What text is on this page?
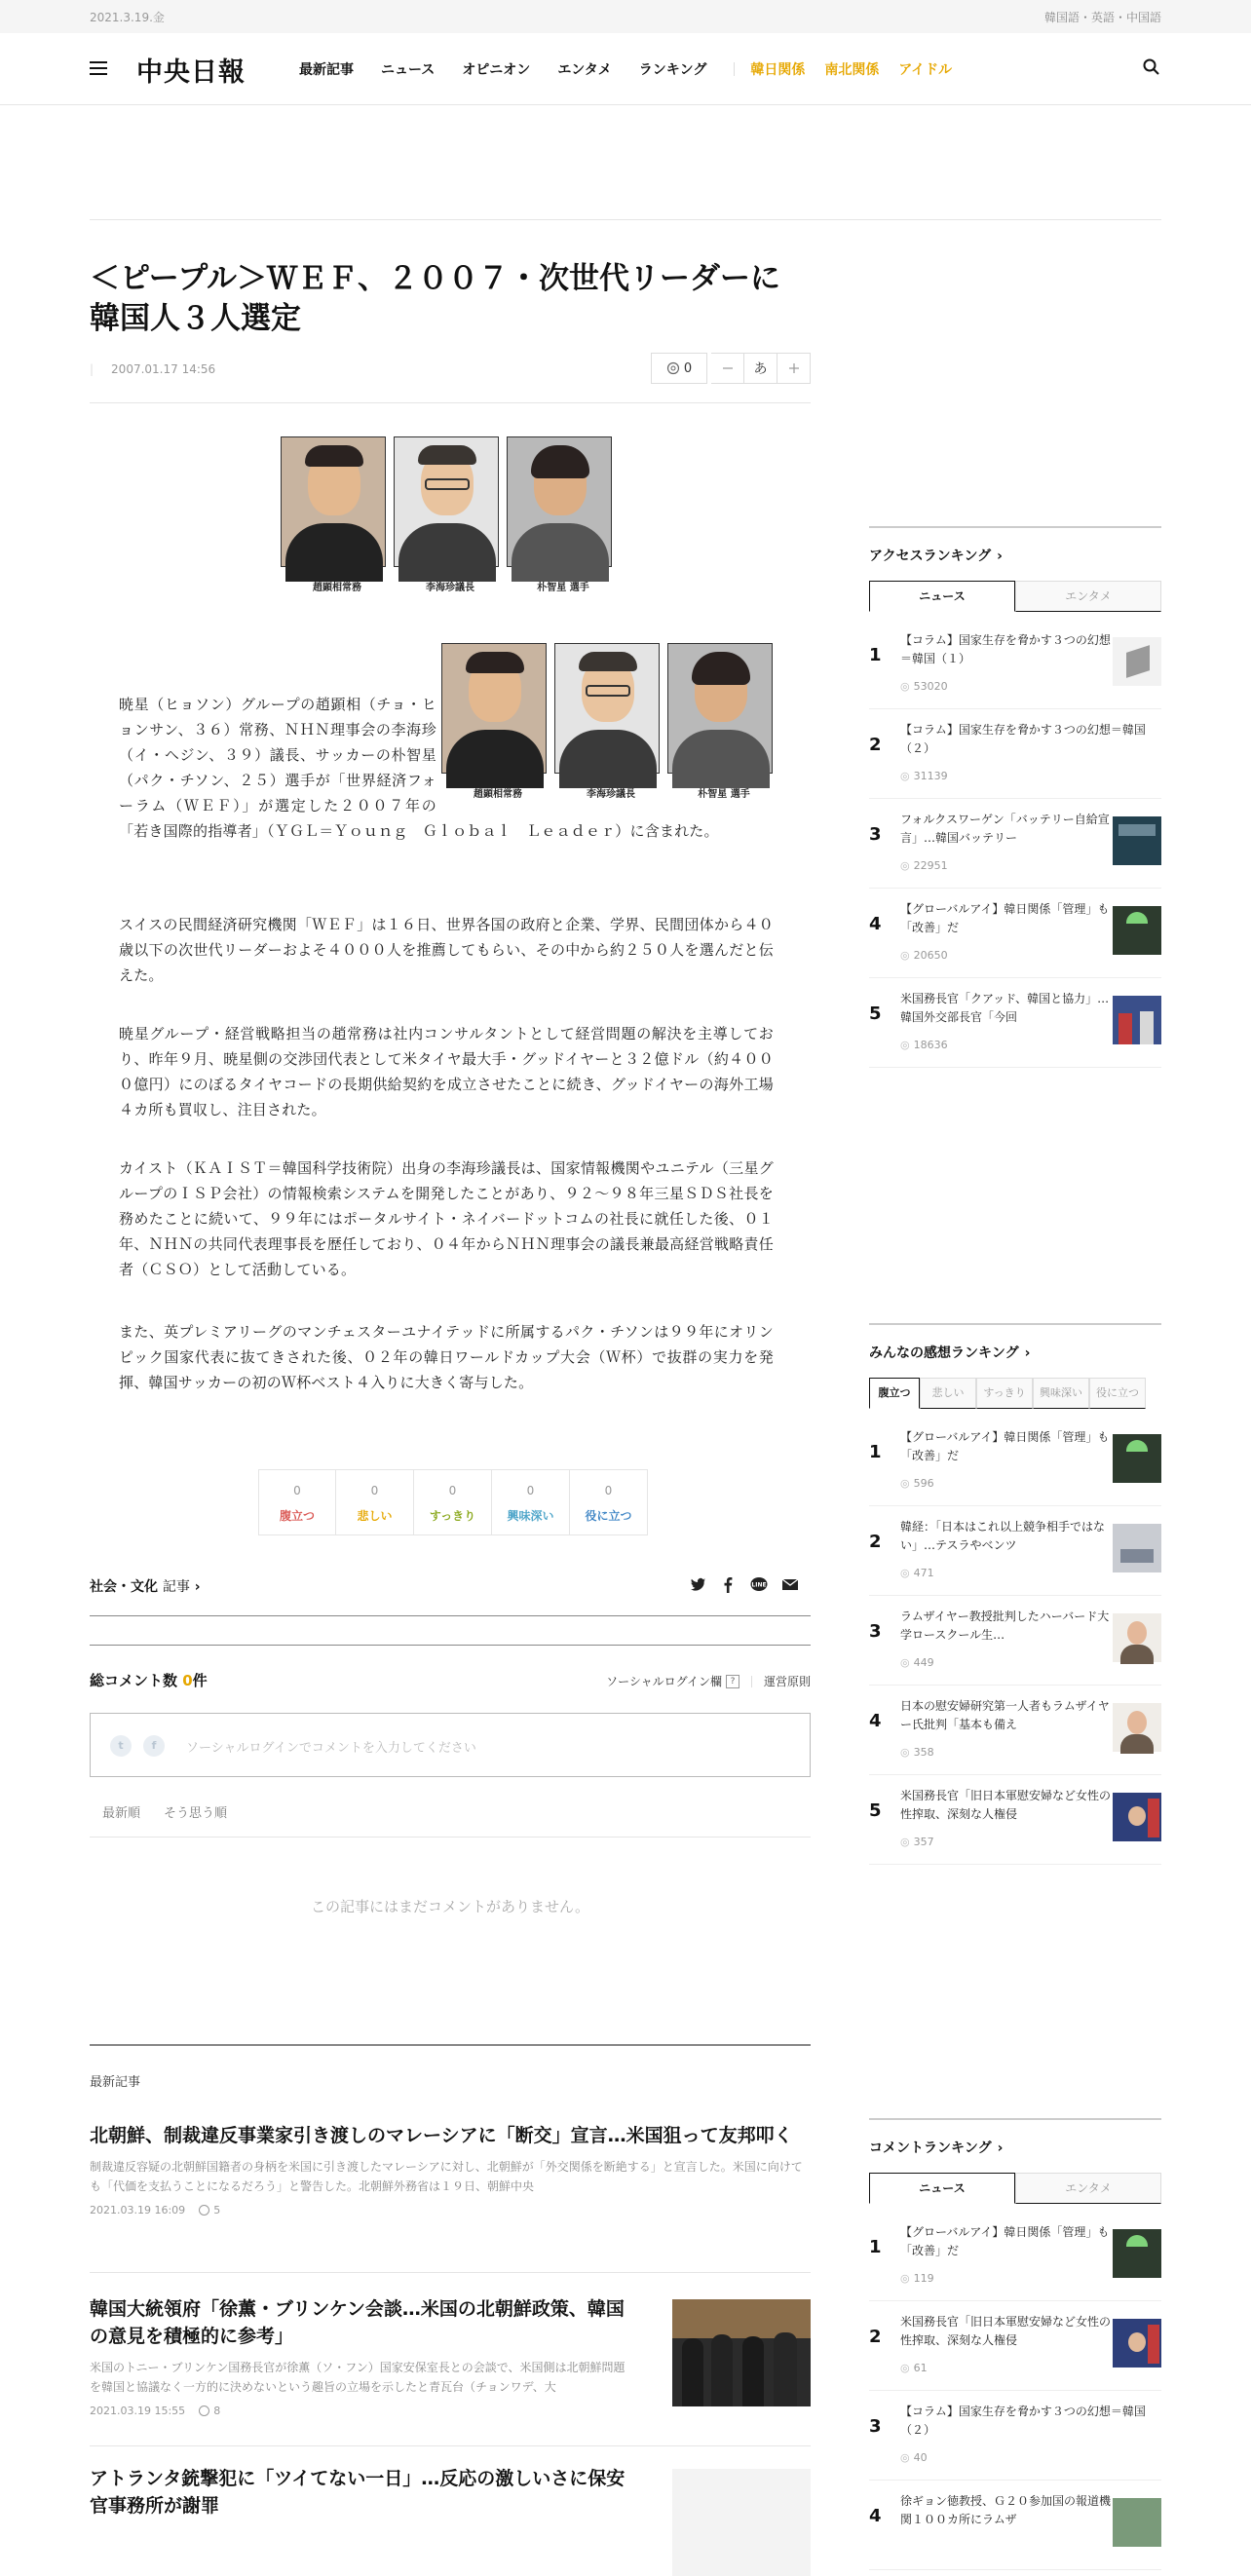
2021.3.19.金	韓国語・英語・中国語
中央日報	最新記事 ニュース オピニオン エンタメ ランキング	韓日関係 南北関係 アイドル
＜ピープル＞ＷＥＦ、２００７・次世代リーダーに
韓国人３人選定
| 2007.01.17 14:56	0	あ
趙顕相常務	李海珍議長	朴智星 選手
趙顕相常務	李海珍議長	朴智星 選手
暁星（ヒョソン）グループの趙顕相（チョ・ヒョンサン、３６）常務、ＮＨＮ理事会の李海珍（イ・ヘジン、３９）議長、サッカーの朴智星（パク・チソン、２５）選手が「世界経済フォーラム（ＷＥＦ）」が選定した２００７年の「若き国際的指導者」（ＹＧＬ＝Ｙｏｕｎｇ　Ｇｌｏｂａｌ　Ｌｅａｄｅｒ）に含まれた。
スイスの民間経済研究機関「ＷＥＦ」は１６日、世界各国の政府と企業、学界、民間団体から４０歳以下の次世代リーダーおよそ４０００人を推薦してもらい、その中から約２５０人を選んだと伝えた。
暁星グループ・経営戦略担当の趙常務は社内コンサルタントとして経営問題の解決を主導しており、昨年９月、暁星側の交渉団代表として米タイヤ最大手・グッドイヤーと３２億ドル（約４０００億円）にのぼるタイヤコードの長期供給契約を成立させたことに続き、グッドイヤーの海外工場４カ所も買収し、注目された。
カイスト（ＫＡＩＳＴ＝韓国科学技術院）出身の李海珍議長は、国家情報機関やユニテル（三星グループのＩＳＰ会社）の情報検索システムを開発したことがあり、９２～９８年三星ＳＤＳ社長を務めたことに続いて、９９年にはポータルサイト・ネイバードットコムの社長に就任した後、０１年、ＮＨＮの共同代表理事長を歴任しており、０４年からＮＨＮ理事会の議長兼最高経営戦略責任者（ＣＳＯ）として活動している。
また、英プレミアリーグのマンチェスターユナイテッドに所属するパク・チソンは９９年にオリンピック国家代表に抜てきされた後、０２年の韓日ワールドカップ大会（Ｗ杯）で抜群の実力を発揮、韓国サッカーの初のＷ杯ベスト４入りに大きく寄与した。
0
腹立つ
0
悲しい
0
すっきり
0
興味深い
0
役に立つ
社会・文化 記事 ›	LINE
総コメント数 0件	ソーシャルログイン欄 ?	運営原則
t	f	ソーシャルログインでコメントを入力してください
最新順 そう思う順
この記事にはまだコメントがありません。
最新記事
北朝鮮、制裁違反事業家引き渡しのマレーシアに「断交」宣言…米国狙って友邦叩く
制裁違反容疑の北朝鮮国籍者の身柄を米国に引き渡したマレーシアに対し、北朝鮮が「外交関係を断絶する」と宣言した。米国に向けても「代価を支払うことになるだろう」と警告した。北朝鮮外務省は１９日、朝鮮中央
2021.03.19 16:09	5
韓国大統領府「徐薫・ブリンケン会談…米国の北朝鮮政策、韓国の意見を積極的に参考」
米国のトニー・ブリンケン国務長官が徐薫（ソ・フン）国家安保室長との会談で、米国側は北朝鮮問題を韓国と協議なく一方的に決めないという趣旨の立場を示したと青瓦台（チョンワデ、大
2021.03.19 15:55	8
アトランタ銃撃犯に「ツイてない一日」…反応の激しいさに保安官事務所が謝罪
アクセスランキング ›
ニュース	エンタメ
1
【コラム】国家生存を脅かす３つの幻想＝韓国（１）
◎ 53020
2
【コラム】国家生存を脅かす３つの幻想＝韓国（２）
◎ 31139
3
フォルクスワーゲン「バッテリー自給宣言」…韓国バッテリー
◎ 22951
4
【グローバルアイ】韓日関係「管理」も「改善」だ
◎ 20650
5
米国務長官「クアッド、韓国と協力」…韓国外交部長官「今回
◎ 18636
みんなの感想ランキング ›
腹立つ	悲しい	すっきり	興味深い	役に立つ
1
【グローバルアイ】韓日関係「管理」も「改善」だ
◎ 596
2
韓経：「日本はこれ以上競争相手ではない」…テスラやベンツ
◎ 471
3
ラムザイヤー教授批判したハーバード大学ロースクール生…
◎ 449
4
日本の慰安婦研究第一人者もラムザイヤー氏批判「基本も備え
◎ 358
5
米国務長官「旧日本軍慰安婦など女性の性搾取、深刻な人権侵
◎ 357
コメントランキング ›
ニュース	エンタメ
1
【グローバルアイ】韓日関係「管理」も「改善」だ
◎ 119
2
米国務長官「旧日本軍慰安婦など女性の性搾取、深刻な人権侵
◎ 61
3
【コラム】国家生存を脅かす３つの幻想＝韓国（２）
◎ 40
4
徐ギョン徳教授、Ｇ２０参加国の報道機関１００カ所にラムザ
